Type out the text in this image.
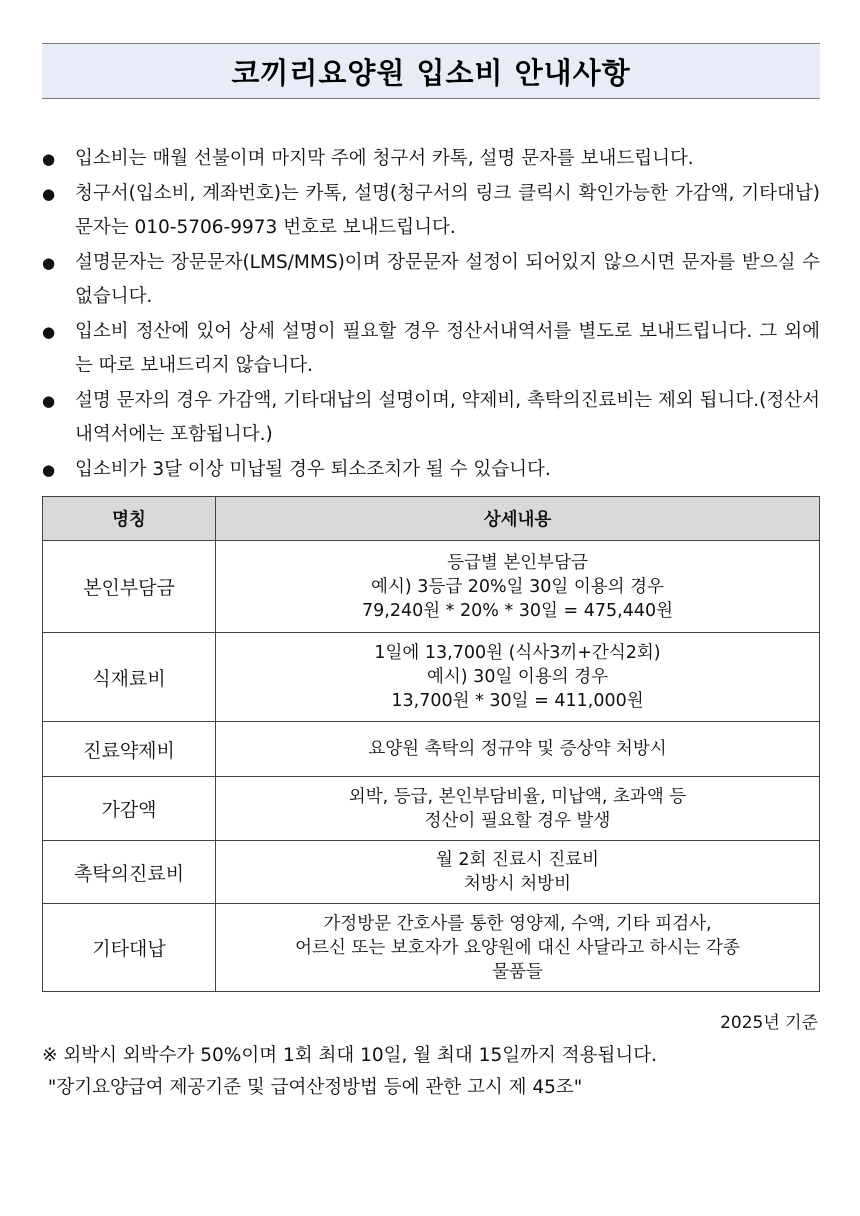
코끼리요양원 입소비 안내사항
● 입소비는 매월 선불이며 마지막 주에 청구서 카톡, 설명 문자를 보내드립니다.
● 청구서(입소비, 계좌번호)는 카톡, 설명(청구서의 링크 클릭시 확인가능한 가감액, 기타대납) 문자는 010-5706-9973 번호로 보내드립니다.
● 설명문자는 장문문자(LMS/MMS)이며 장문문자 설정이 되어있지 않으시면 문자를 받으실 수 없습니다.
● 입소비 정산에 있어 상세 설명이 필요할 경우 정산서내역서를 별도로 보내드립니다. 그 외에는 따로 보내드리지 않습니다.
● 설명 문자의 경우 가감액, 기타대납의 설명이며, 약제비, 촉탁의진료비는 제외 됩니다.(정산서내역서에는 포함됩니다.)
● 입소비가 3달 이상 미납될 경우 퇴소조치가 될 수 있습니다.
명칭	상세내용
본인부담금	등급별 본인부담금
예시) 3등급 20%일 30일 이용의 경우
79,240원 * 20% * 30일 = 475,440원

식재료비	1일에 13,700원 (식사3끼+간식2회)
예시) 30일 이용의 경우
13,700원 * 30일 = 411,000원

진료약제비	요양원 촉탁의 정규약 및 증상약 처방시

가감액	외박, 등급, 본인부담비율, 미납액, 초과액 등
정산이 필요할 경우 발생

촉탁의진료비	월 2회 진료시 진료비
처방시 처방비

기타대납	가정방문 간호사를 통한 영양제, 수액, 기타 피검사,
어르신 또는 보호자가 요양원에 대신 사달라고 하시는 각종
물품들
2025년 기준
※ 외박시 외박수가 50%이며 1회 최대 10일, 월 최대 15일까지 적용됩니다.
"장기요양급여 제공기준 및 급여산정방법 등에 관한 고시 제 45조"
